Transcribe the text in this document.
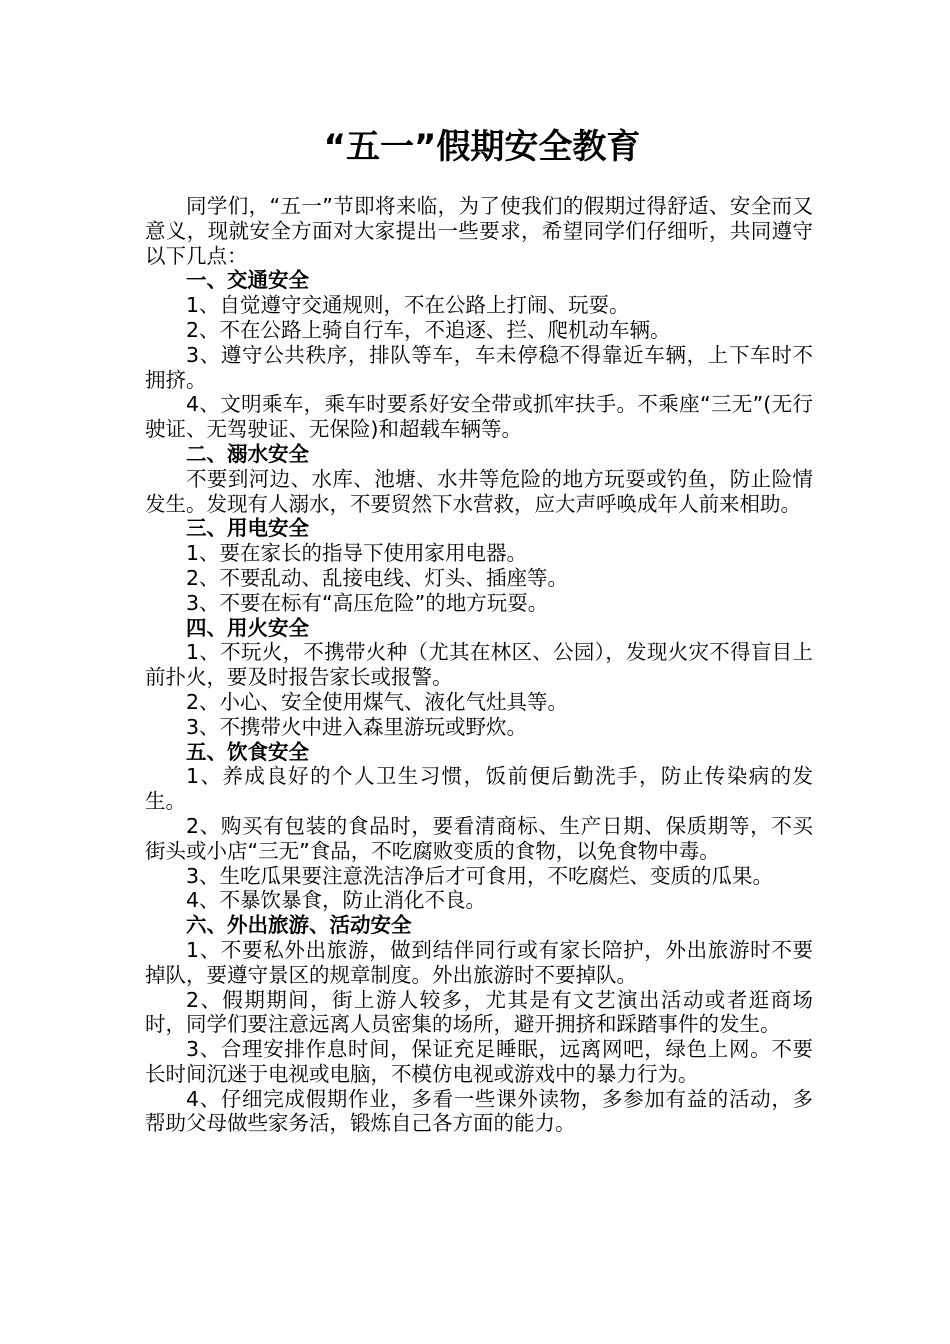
“五一”假期安全教育

同学们，“五一”节即将来临，为了使我们的假期过得舒适、安全而又意义，现就安全方面对大家提出一些要求，希望同学们仔细听，共同遵守以下几点：

一、交通安全

1、自觉遵守交通规则，不在公路上打闹、玩耍。

2、不在公路上骑自行车，不追逐、拦、爬机动车辆。

3、遵守公共秩序，排队等车，车未停稳不得靠近车辆，上下车时不拥挤。

4、文明乘车，乘车时要系好安全带或抓牢扶手。不乘座“三无”(无行驶证、无驾驶证、无保险)和超载车辆等。

二、溺水安全

不要到河边、水库、池塘、水井等危险的地方玩耍或钓鱼，防止险情发生。发现有人溺水，不要贸然下水营救，应大声呼唤成年人前来相助。

三、用电安全

1、要在家长的指导下使用家用电器。

2、不要乱动、乱接电线、灯头、插座等。

3、不要在标有“高压危险”的地方玩耍。

四、用火安全

1、不玩火，不携带火种（尤其在林区、公园），发现火灾不得盲目上前扑火，要及时报告家长或报警。

2、小心、安全使用煤气、液化气灶具等。

3、不携带火中进入森里游玩或野炊。

五、饮食安全

1、养成良好的个人卫生习惯，饭前便后勤洗手，防止传染病的发生。

2、购买有包装的食品时，要看清商标、生产日期、保质期等，不买街头或小店“三无”食品，不吃腐败变质的食物，以免食物中毒。

3、生吃瓜果要注意洗洁净后才可食用，不吃腐烂、变质的瓜果。

4、不暴饮暴食，防止消化不良。

六、外出旅游、活动安全

1、不要私外出旅游，做到结伴同行或有家长陪护，外出旅游时不要掉队，要遵守景区的规章制度。外出旅游时不要掉队。

2、假期期间，街上游人较多，尤其是有文艺演出活动或者逛商场时，同学们要注意远离人员密集的场所，避开拥挤和踩踏事件的发生。

3、合理安排作息时间，保证充足睡眠，远离网吧，绿色上网。不要长时间沉迷于电视或电脑，不模仿电视或游戏中的暴力行为。

4、仔细完成假期作业，多看一些课外读物，多参加有益的活动，多帮助父母做些家务活，锻炼自己各方面的能力。
